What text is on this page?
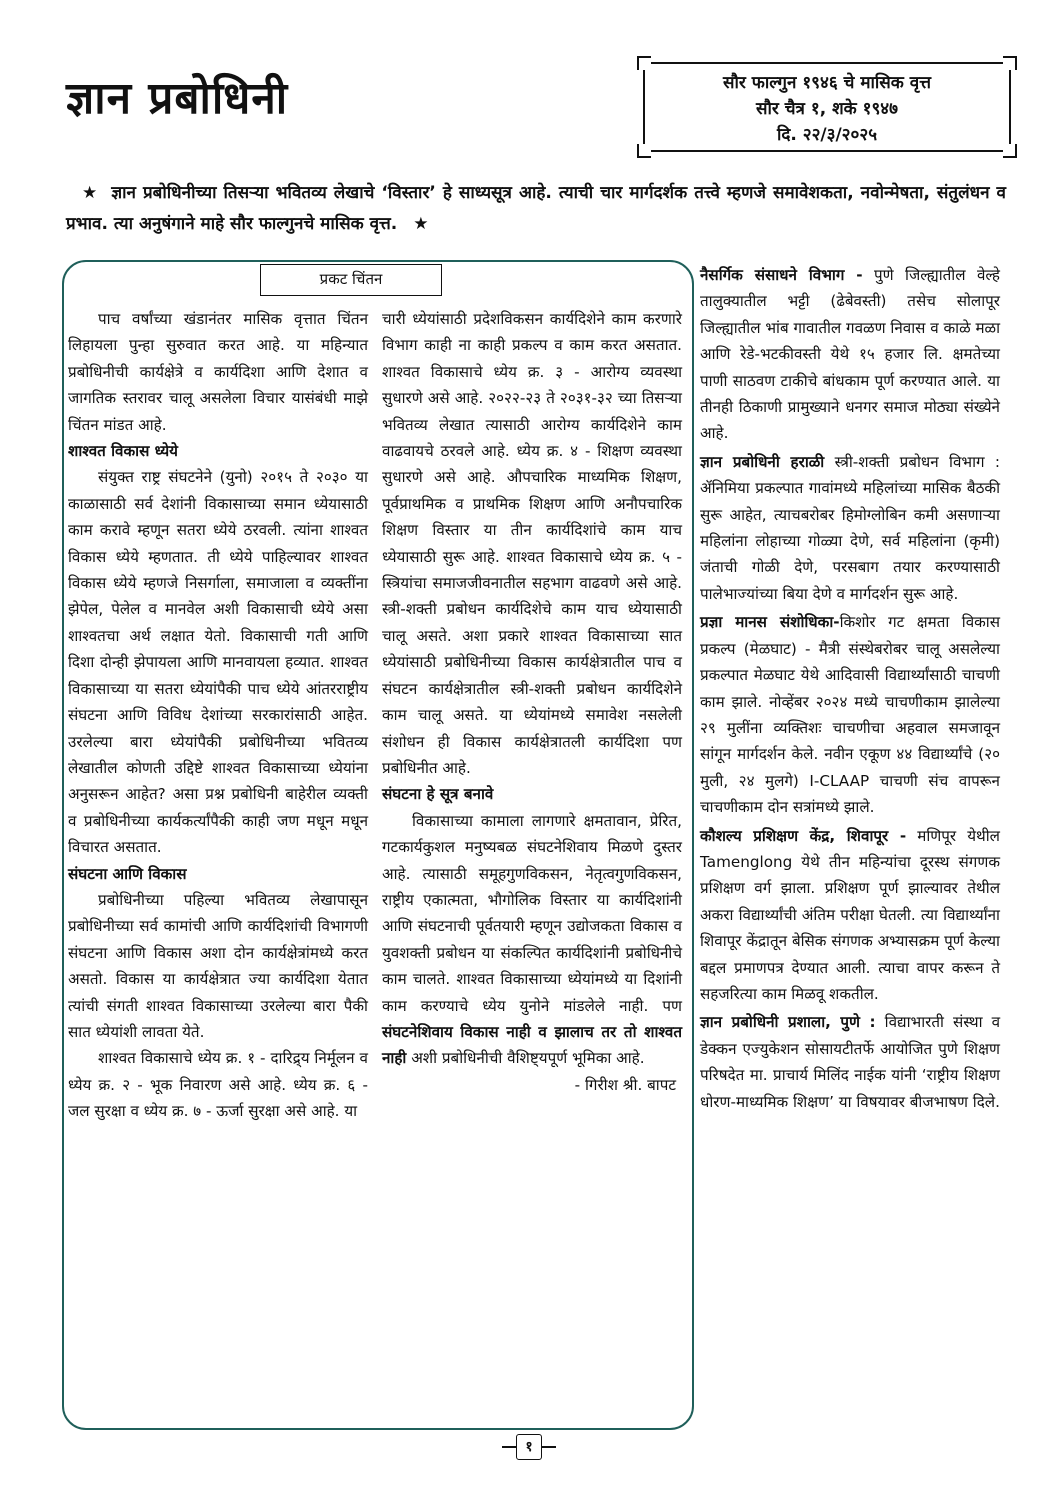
ज्ञान प्रबोधिनी	सौर फाल्गुन १९४६ चे मासिक वृत्त
सौर चैत्र १, शके १९४७
दि. २२/३/२०२५
★ ज्ञान प्रबोधिनीच्या तिसऱ्या भवितव्य लेखाचे ‘विस्तार’ हे साध्यसूत्र आहे. त्याची चार मार्गदर्शक तत्त्वे म्हणजे समावेशकता, नवोन्मेषता, संतुलंधन व प्रभाव. त्या अनुषंगाने माहे सौर फाल्गुनचे मासिक वृत्त. ★
प्रकट चिंतन

पाच वर्षांच्या खंडानंतर मासिक वृत्तात चिंतन लिहायला पुन्हा सुरुवात करत आहे. या महिन्यात प्रबोधिनीची कार्यक्षेत्रे व कार्यदिशा आणि देशात व जागतिक स्तरावर चालू असलेला विचार यासंबंधी माझे चिंतन मांडत आहे.

शाश्वत विकास ध्येये

संयुक्त राष्ट्र संघटनेने (युनो) २०१५ ते २०३० या काळासाठी सर्व देशांनी विकासाच्या समान ध्येयासाठी काम करावे म्हणून सतरा ध्येये ठरवली. त्यांना शाश्वत विकास ध्येये म्हणतात. ती ध्येये पाहिल्यावर शाश्वत विकास ध्येये म्हणजे निसर्गाला, समाजाला व व्यक्तींना झेपेल, पेलेल व मानवेल अशी विकासाची ध्येये असा शाश्वतचा अर्थ लक्षात येतो. विकासाची गती आणि दिशा दोन्ही झेपायला आणि मानवायला हव्यात. शाश्वत विकासाच्या या सतरा ध्येयांपैकी पाच ध्येये आंतरराष्ट्रीय संघटना आणि विविध देशांच्या सरकारांसाठी आहेत. उरलेल्या बारा ध्येयांपैकी प्रबोधिनीच्या भवितव्य लेखातील कोणती उद्दिष्टे शाश्वत विकासाच्या ध्येयांना अनुसरून आहेत? असा प्रश्न प्रबोधिनी बाहेरील व्यक्ती व प्रबोधिनीच्या कार्यकर्त्यांपैकी काही जण मधून मधून विचारत असतात.

संघटना आणि विकास

प्रबोधिनीच्या पहिल्या भवितव्य लेखापासून प्रबोधिनीच्या सर्व कामांची आणि कार्यदिशांची विभागणी संघटना आणि विकास अशा दोन कार्यक्षेत्रांमध्ये करत असतो. विकास या कार्यक्षेत्रात ज्या कार्यदिशा येतात त्यांची संगती शाश्वत विकासाच्या उरलेल्या बारा पैकी सात ध्येयांशी लावता येते.

शाश्वत विकासाचे ध्येय क्र. १ - दारिद्र्य निर्मूलन व ध्येय क्र. २ - भूक निवारण असे आहे. ध्येय क्र. ६ - जल सुरक्षा व ध्येय क्र. ७ - ऊर्जा सुरक्षा असे आहे. या

चारी ध्येयांसाठी प्रदेशविकसन कार्यदिशेने काम करणारे विभाग काही ना काही प्रकल्प व काम करत असतात. शाश्वत विकासाचे ध्येय क्र. ३ - आरोग्य व्यवस्था सुधारणे असे आहे. २०२२-२३ ते २०३१-३२ च्या तिसऱ्या भवितव्य लेखात त्यासाठी आरोग्य कार्यदिशेने काम वाढवायचे ठरवले आहे. ध्येय क्र. ४ - शिक्षण व्यवस्था सुधारणे असे आहे. औपचारिक माध्यमिक शिक्षण, पूर्वप्राथमिक व प्राथमिक शिक्षण आणि अनौपचारिक शिक्षण विस्तार या तीन कार्यदिशांचे काम याच ध्येयासाठी सुरू आहे. शाश्वत विकासाचे ध्येय क्र. ५ - स्त्रियांचा समाजजीवनातील सहभाग वाढवणे असे आहे. स्त्री-शक्ती प्रबोधन कार्यदिशेचे काम याच ध्येयासाठी चालू असते. अशा प्रकारे शाश्वत विकासाच्या सात ध्येयांसाठी प्रबोधिनीच्या विकास कार्यक्षेत्रातील पाच व संघटन कार्यक्षेत्रातील स्त्री-शक्ती प्रबोधन कार्यदिशेने काम चालू असते. या ध्येयांमध्ये समावेश नसलेली संशोधन ही विकास कार्यक्षेत्रातली कार्यदिशा पण प्रबोधिनीत आहे.

संघटना हे सूत्र बनावे

विकासाच्या कामाला लागणारे क्षमतावान, प्रेरित, गटकार्यकुशल मनुष्यबळ संघटनेशिवाय मिळणे दुस्तर आहे. त्यासाठी समूहगुणविकसन, नेतृत्वगुणविकसन, राष्ट्रीय एकात्मता, भौगोलिक विस्तार या कार्यदिशांनी आणि संघटनाची पूर्वतयारी म्हणून उद्योजकता विकास व युवशक्ती प्रबोधन या संकल्पित कार्यदिशांनी प्रबोधिनीचे काम चालते. शाश्वत विकासाच्या ध्येयांमध्ये या दिशांनी काम करण्याचे ध्येय युनोने मांडलेले नाही. पण संघटनेशिवाय विकास नाही व झालाच तर तो शाश्वत नाही अशी प्रबोधिनीची वैशिष्ट्यपूर्ण भूमिका आहे.

- गिरीश श्री. बापट

नैसर्गिक संसाधने विभाग - पुणे जिल्ह्यातील वेल्हे तालुक्यातील भट्टी (ढेबेवस्ती) तसेच सोलापूर जिल्ह्यातील भांब गावातील गवळण निवास व काळे मळा आणि रेडे-भटकीवस्ती येथे १५ हजार लि. क्षमतेच्या पाणी साठवण टाकीचे बांधकाम पूर्ण करण्यात आले. या तीनही ठिकाणी प्रामुख्याने धनगर समाज मोठ्या संख्येने आहे.

ज्ञान प्रबोधिनी हराळी स्त्री-शक्ती प्रबोधन विभाग : ॲनिमिया प्रकल्पात गावांमध्ये महिलांच्या मासिक बैठकी सुरू आहेत, त्याचबरोबर हिमोग्लोबिन कमी असणाऱ्या महिलांना लोहाच्या गोळ्या देणे, सर्व महिलांना (कृमी) जंताची गोळी देणे, परसबाग तयार करण्यासाठी पालेभाज्यांच्या बिया देणे व मार्गदर्शन सुरू आहे.

प्रज्ञा मानस संशोधिका-किशोर गट क्षमता विकास प्रकल्प (मेळघाट) - मैत्री संस्थेबरोबर चालू असलेल्या प्रकल्पात मेळघाट येथे आदिवासी विद्यार्थ्यांसाठी चाचणी काम झाले. नोव्हेंबर २०२४ मध्ये चाचणीकाम झालेल्या २९ मुलींना व्यक्तिशः चाचणीचा अहवाल समजावून सांगून मार्गदर्शन केले. नवीन एकूण ४४ विद्यार्थ्यांचे (२० मुली, २४ मुलगे) I-CLAAP चाचणी संच वापरून चाचणीकाम दोन सत्रांमध्ये झाले.

कौशल्य प्रशिक्षण केंद्र, शिवापूर - मणिपूर येथील Tamenglong येथे तीन महिन्यांचा दूरस्थ संगणक प्रशिक्षण वर्ग झाला. प्रशिक्षण पूर्ण झाल्यावर तेथील अकरा विद्यार्थ्यांची अंतिम परीक्षा घेतली. त्या विद्यार्थ्यांना शिवापूर केंद्रातून बेसिक संगणक अभ्यासक्रम पूर्ण केल्या बद्दल प्रमाणपत्र देण्यात आली. त्याचा वापर करून ते सहजरित्या काम मिळवू शकतील.

ज्ञान प्रबोधिनी प्रशाला, पुणे : विद्याभारती संस्था व डेक्कन एज्युकेशन सोसायटीतर्फे आयोजित पुणे शिक्षण परिषदेत मा. प्राचार्य मिलिंद नाईक यांनी ‘राष्ट्रीय शिक्षण धोरण-माध्यमिक शिक्षण’ या विषयावर बीजभाषण दिले.

१
